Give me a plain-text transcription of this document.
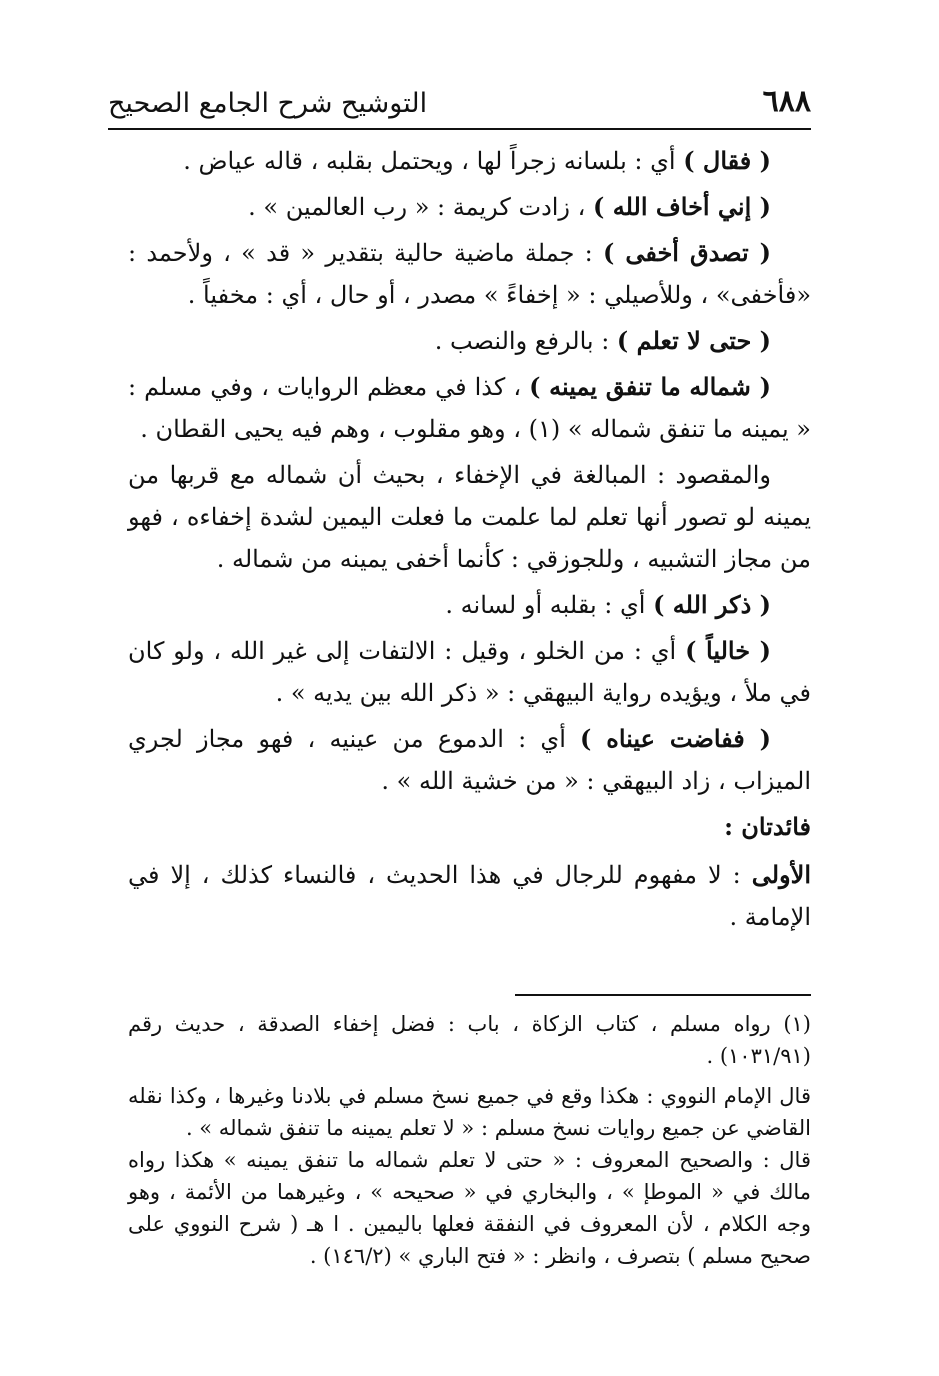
٦٨٨
التوشيح شرح الجامع الصحيح

( فقال ) أي : بلسانه زجراً لها ، ويحتمل بقلبه ، قاله عياض .

( إني أخاف الله ) ، زادت كريمة : « رب العالمين » .

( تصدق أخفى ) : جملة ماضية حالية بتقدير « قد » ، ولأحمد : «فأخفى» ، وللأصيلي : « إخفاءً » مصدر ، أو حال ، أي : مخفياً .

( حتى لا تعلم ) : بالرفع والنصب .

( شماله ما تنفق يمينه ) ، كذا في معظم الروايات ، وفي مسلم : « يمينه ما تنفق شماله » (١) ، وهو مقلوب ، وهم فيه يحيى القطان .

والمقصود : المبالغة في الإخفاء ، بحيث أن شماله مع قربها من يمينه لو تصور أنها تعلم لما علمت ما فعلت اليمين لشدة إخفاءه ، فهو من مجاز التشبيه ، وللجوزقي : كأنما أخفى يمينه من شماله .

( ذكر الله ) أي : بقلبه أو لسانه .

( خالياً ) أي : من الخلو ، وقيل : الالتفات إلى غير الله ، ولو كان في ملأ ، ويؤيده رواية البيهقي : « ذكر الله بين يديه » .

( ففاضت عيناه ) أي : الدموع من عينيه ، فهو مجاز لجري الميزاب ، زاد البيهقي : « من خشية الله » .

فائدتان :

الأولى : لا مفهوم للرجال في هذا الحديث ، فالنساء كذلك ، إلا في الإمامة .

(١) رواه مسلم ، كتاب الزكاة ، باب : فضل إخفاء الصدقة ، حديث رقم (١٠٣١/٩١) .

قال الإمام النووي : هكذا وقع في جميع نسخ مسلم في بلادنا وغيرها ، وكذا نقله القاضي عن جميع روايات نسخ مسلم : « لا تعلم يمينه ما تنفق شماله » .

قال : والصحيح المعروف : « حتى لا تعلم شماله ما تنفق يمينه » هكذا رواه مالك في « الموطإ » ، والبخاري في « صحيحه » ، وغيرهما من الأئمة ، وهو وجه الكلام ، لأن المعروف في النفقة فعلها باليمين . ا هـ ( شرح النووي على صحيح مسلم ) بتصرف ، وانظر : « فتح الباري » (١٤٦/٢) .
